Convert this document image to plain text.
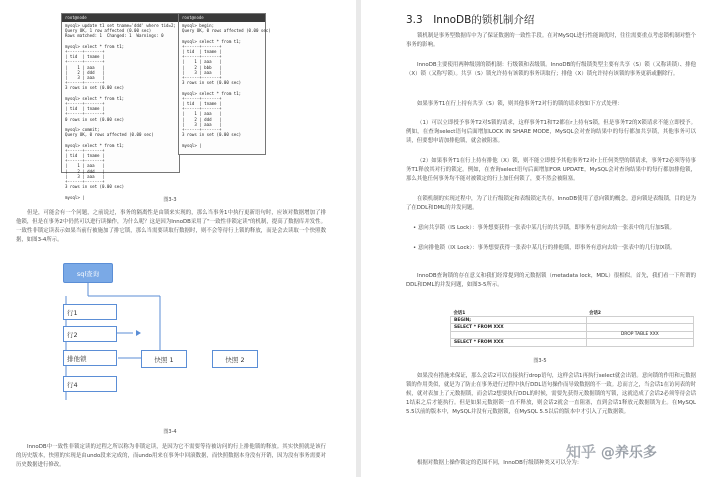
root@node
mysql> update t1 set tname='ddd' where tid=2;
Query OK, 1 row affected (0.00 sec)
Rows matched: 1  Changed: 1  Warnings: 0

mysql> select * from t1;
+------+-------+
| tid  | tname |
+------+-------+
|    1 | aaa   |
|    2 | ddd   |
|    3 | aaa   |
+------+-------+
3 rows in set (0.00 sec)

mysql> select * from t1;
+------+-------+
| tid  | tname |
+------+-------+
0 rows in set (0.00 sec)

mysql> commit;
Query OK, 0 rows affected (0.00 sec)

mysql> select * from t1;
+------+-------+
| tid  | tname |
+------+-------+
|    1 | aaa   |
|    2 | ddd   |
|    3 | aaa   |
+------+-------+
3 rows in set (0.00 sec)

mysql> |
root@node
mysql> begin;
Query OK, 0 rows affected (0.00 sec)

mysql> select * from t1;
+------+-------+
| tid  | tname |
+------+-------+
|    1 | aaa   |
|    2 | bbb   |
|    3 | aaa   |
+------+-------+
3 rows in set (0.00 sec)

mysql> select * from t1;
+------+-------+
| tid  | tname |
+------+-------+
|    1 | aaa   |
|    2 | ddd   |
|    3 | aaa   |
+------+-------+
3 rows in set (0.00 sec)

mysql> |
图3-3

但是，可能会有一个问题，之前说过，事务的隔离性是由锁来实现的，那么当事务1中执行更新语句时，应该对数据增加了排他锁，但是在事务2中仍然可以进行读操作，为什么呢？这是因为InnoDB采用了"一致性非锁定读"的机制，提高了数据库并发性。一致性非锁定读表示如果当前行被施加了排它锁，那么当需要读取行数据时，则不会等待行上锁的释放，而是会去读取一个快照数据，如图3-4所示。

sql查询
行1
行2
排他锁
行4
快照 1	快照 2
图3-4

InnoDB中一致性非锁定读的过程之所以称为非锁定读，是因为它不需要等待被访问的行上排他锁的释放。其实快照就是该行的历史版本，快照的实现是由undo段来完成的，而undo用来在事务中回滚数据，而快照数据本身没有开销，因为没有事务需要对历史数据进行修改。

3.3　InnoDB的锁机制介绍

锁机制是事务型数据库中为了保证数据的一致性手段。在对MySQL进行性能调优时，往往需要重点考虑锁机制对整个事务的影响。

InnoDB主要使用两种级别的锁机制：行级锁和表级锁。InnoDB的行级锁类型主要有共享（S）锁（又称读锁）、排他（X）锁（又称写锁）。共享（S）锁允许持有该锁的事务读取行；排他（X）锁允许持有该锁的事务更新或删除行。

如果事务T1在行上持有共享（S）锁，则其他事务T2对行的锁的请求按如下方式处理：

（1）可以立即授予事务T2对S锁的请求，这样事务T1和T2都在r上持有S锁，但是事务T2的X锁请求不能立即授予。例如，在查询select语句后面增加LOCK IN SHARE MODE，MySQL会对查询结果中的每行都加共享锁，其他事务可以读，但要想申请加排他锁，就会被阻塞。

（2）如果事务T1在行上持有排他（X）锁，则不能立即授予其他事务T2对r上任何类型的锁请求，事务T2必须等待事务T1释放其对行的锁定。例如，在查询select语句后面增加FOR UPDATE，MySQL会对查询结果中的每行都加排他锁，那么其他任何事务均不能对被锁定的行上加任何锁了，要不然会被阻塞。

在锁机制的实现过程中，为了让行级锁定和表级锁定共存，InnoDB使用了意向锁的概念。意向锁是表级锁，目的是为了在DDL和DML的并发问题。

• 意向共享锁（IS Lock）：事务想要获得一张表中某几行的共享锁，即事务有意向去给一张表中的几行加S锁。

• 意向排他锁（IX Lock）：事务想要获得一张表中某几行的排他锁，即事务有意向去给一张表中的几行加X锁。

InnoDB查询锁的存在意义和我们经常提到的元数据锁（metadata lock，MDL）很相似。首先，我们看一下所谓的DDL和DML的并发问题，如图3-5所示。

会话1	会话2
BEGIN;	
SELECT * FROM XXX	
	DROP TABLE XXX
SELECT * FROM XXX	
图3-5

如果没有措施来保证，那么会话2可以直接执行drop语句，这样会话1再执行select就会出错。意向锁的作用和元数据锁的作用类似，就是为了防止在事务进行过程中执行DDL语句操作而导致数据的不一致。总而言之，当会话1在访问表的时候，就对表加上了元数据锁，而会话2想要执行DDL的时候，需要先获得元数据锁的写锁，这就造成了会话2必须等待会话1结束之后才能执行。但是如果元数据锁一直不释放，则会话2就会一直阻塞，直到会话1释放元数据锁为止。在MySQL 5.5以前的版本中，MySQL并没有元数据锁，在MySQL 5.5以后的版本中才引入了元数据锁。

根据对数据上操作锁定的范围不同，InnoDB行级锁种类又可以分为：

知乎 @养乐多
